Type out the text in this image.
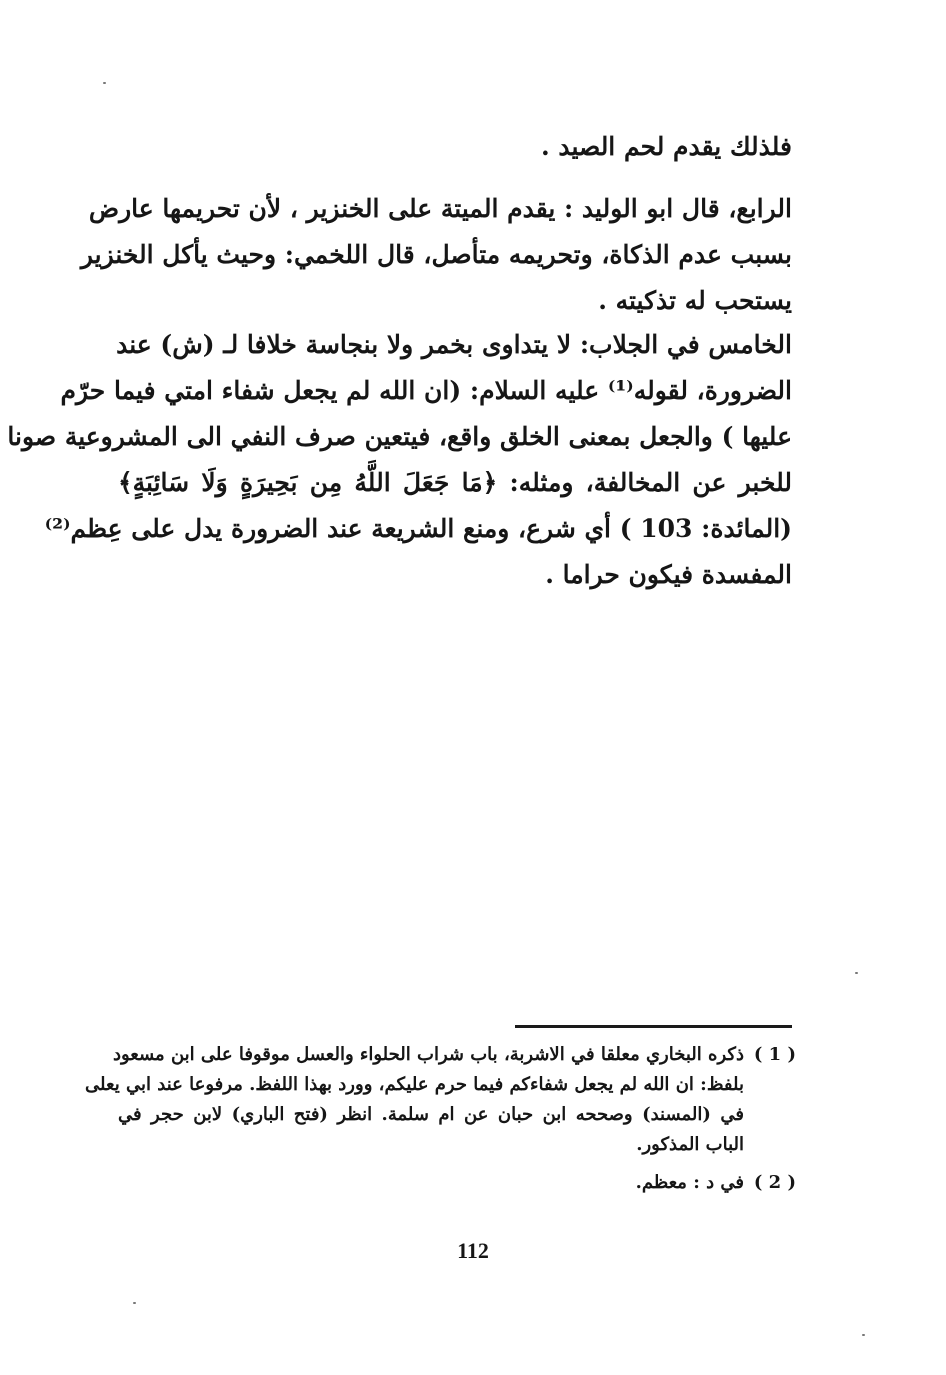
فلذلك يقدم لحم الصيد .
الرابع، قال ابو الوليد : يقدم الميتة على الخنزير ، لأن تحريمها عارض
بسبب عدم الذكاة، وتحريمه متأصل، قال اللخمي: وحيث يأكل الخنزير
يستحب له تذكيته .
الخامس في الجلاب: لا يتداوى بخمر ولا بنجاسة خلافا لـ (ش) عند
الضرورة، لقوله⁽¹⁾ عليه السلام: (ان الله لم يجعل شفاء امتي فيما حرّم
عليها ) والجعل بمعنى الخلق واقع، فيتعين صرف النفي الى المشروعية صونا
للخبر عن المخالفة، ومثله: ﴿مَا جَعَلَ اللَّهُ مِن بَحِيرَةٍ وَلَا سَائِبَةٍ﴾
(المائدة: 103 ) أي شرع، ومنع الشريعة عند الضرورة يدل على عِظم⁽²⁾
المفسدة فيكون حراما .
( 1 )
ذكره البخاري معلقا في الاشربة، باب شراب الحلواء والعسل موقوفا على ابن مسعود
بلفظ: ان الله لم يجعل شفاءكم فيما حرم عليكم، وورد بهذا اللفظ. مرفوعا عند ابي يعلى
في (المسند) وصححه ابن حبان عن ام سلمة. انظر (فتح الباري) لابن حجر في
الباب المذكور.
( 2 )
في د : معظم.
112
